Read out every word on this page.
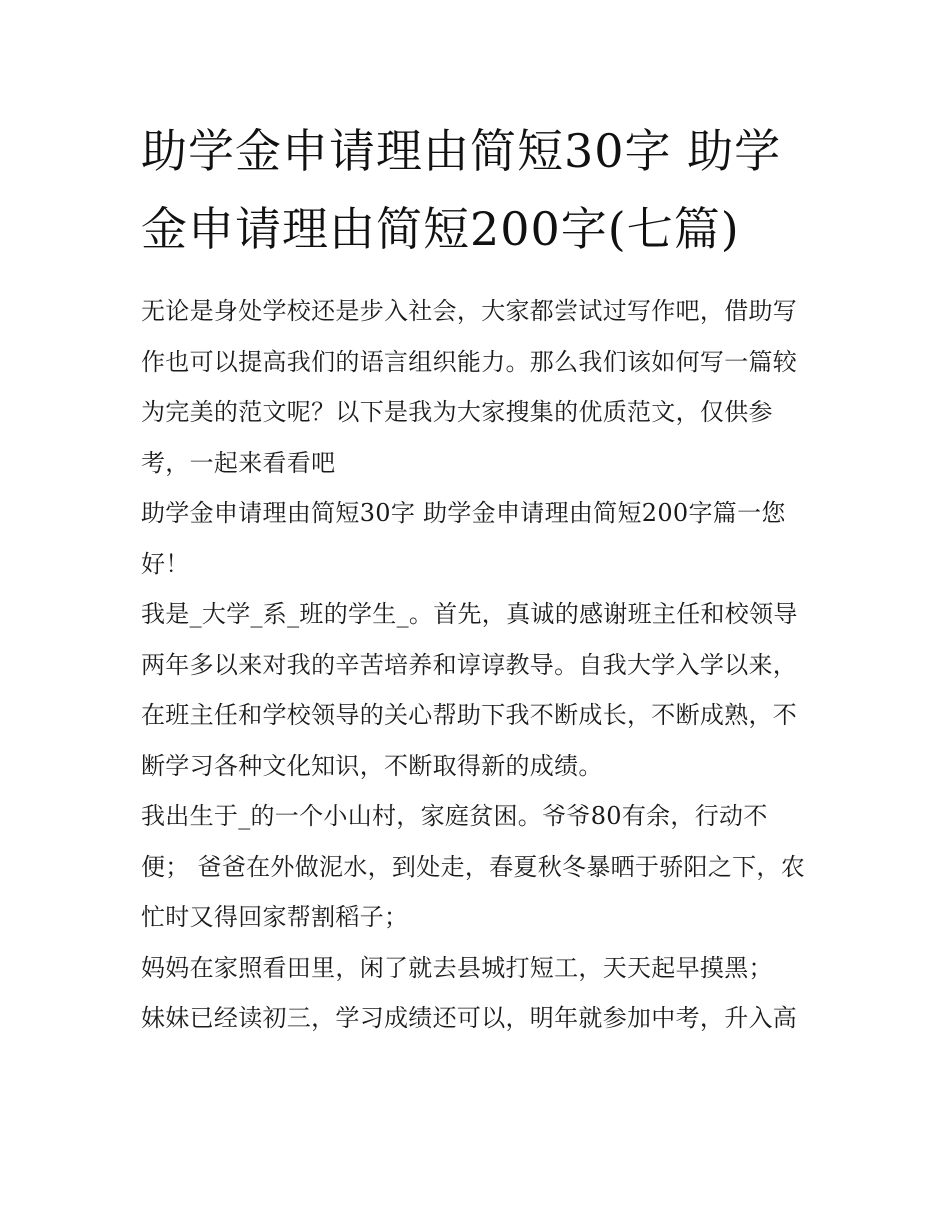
助学金申请理由简短30字 助学金申请理由简短200字(七篇)

无论是身处学校还是步入社会，大家都尝试过写作吧，借助写作也可以提高我们的语言组织能力。那么我们该如何写一篇较为完美的范文呢？以下是我为大家搜集的优质范文，仅供参考，一起来看看吧

助学金申请理由简短30字 助学金申请理由简短200字篇一您好！

我是_大学_系_班的学生_。首先，真诚的感谢班主任和校领导两年多以来对我的辛苦培养和谆谆教导。自我大学入学以来，在班主任和学校领导的关心帮助下我不断成长，不断成熟，不断学习各种文化知识，不断取得新的成绩。

我出生于_的一个小山村，家庭贫困。爷爷80有余，行动不便； 爸爸在外做泥水，到处走，春夏秋冬暴晒于骄阳之下，农忙时又得回家帮割稻子；

妈妈在家照看田里，闲了就去县城打短工，天天起早摸黑；

妹妹已经读初三，学习成绩还可以，明年就参加中考，升入高
